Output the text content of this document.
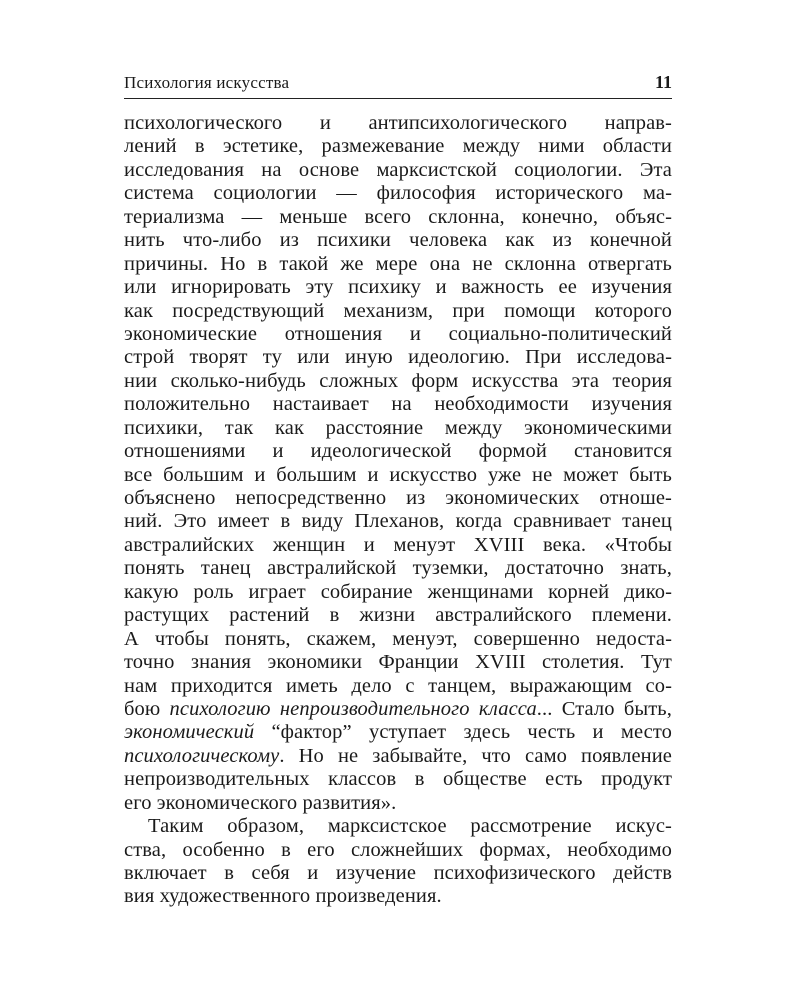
Психология искусства	11
психологического и антипсихологического направ-
лений в эстетике, размежевание между ними области
исследования на основе марксистской социологии. Эта
система социологии — философия исторического ма-
териализма — меньше всего склонна, конечно, объяс-
нить что-либо из психики человека как из конечной
причины. Но в такой же мере она не склонна отвергать
или игнорировать эту психику и важность ее изучения
как посредствующий механизм, при помощи которого
экономические отношения и социально-политический
строй творят ту или иную идеологию. При исследова-
нии сколько-нибудь сложных форм искусства эта теория
положительно настаивает на необходимости изучения
психики, так как расстояние между экономическими
отношениями и идеологической формой становится
все большим и большим и искусство уже не может быть
объяснено непосредственно из экономических отноше-
ний. Это имеет в виду Плеханов, когда сравнивает танец
австралийских женщин и менуэт XVIII века. «Чтобы
понять танец австралийской туземки, достаточно знать,
какую роль играет собирание женщинами корней дико-
растущих растений в жизни австралийского племени.
А чтобы понять, скажем, менуэт, совершенно недоста-
точно знания экономики Франции XVIII столетия. Тут
нам приходится иметь дело с танцем, выражающим со-
бою психологию непроизводительного класса... Стало быть,
экономический “фактор” уступает здесь честь и место
психологическому. Но не забывайте, что само появление
непроизводительных классов в обществе есть продукт
его экономического развития».
Таким образом, марксистское рассмотрение искус-
ства, особенно в его сложнейших формах, необходимо
включает в себя и изучение психофизического действ
вия художественного произведения.
